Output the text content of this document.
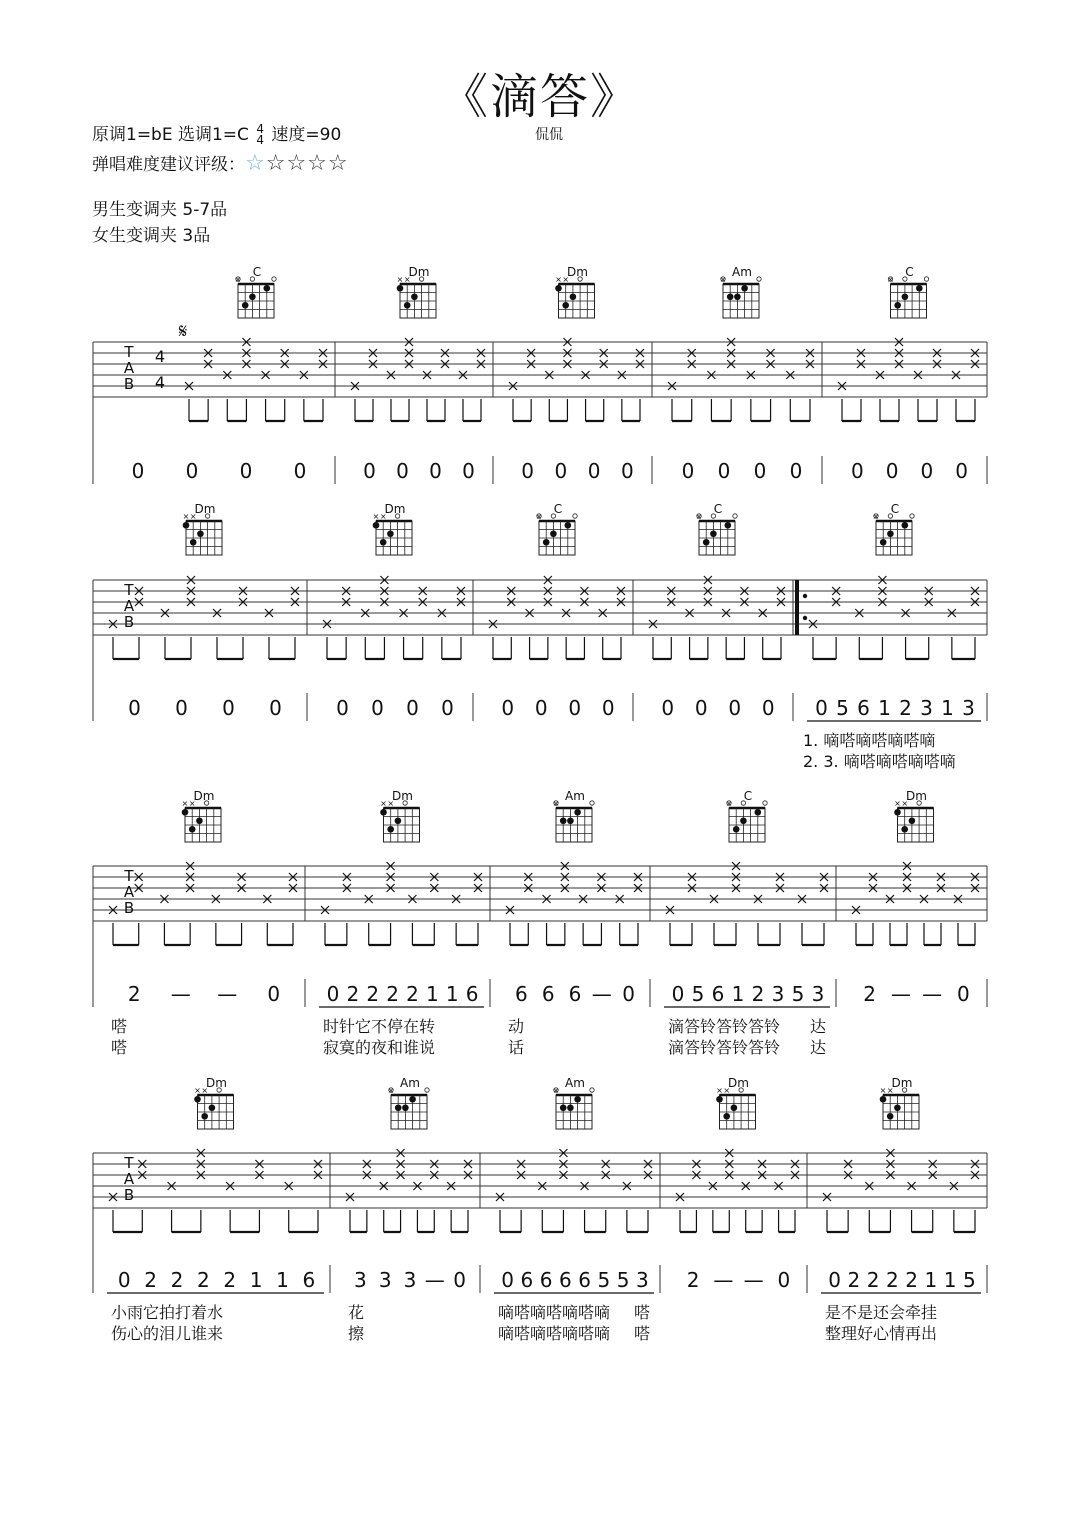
《滴答》
原调1=bE 选调1=C 4
4 速度=90	侃侃
弹唱难度建议评级：☆☆☆☆☆
男生变调夹 5-7品
女生变调夹 3品
T
A
B
4
4
𝄋
C
×
0 0 0 0
Dm
× ×
0 0 0 0
Dm
× ×
0 0 0 0
Am
×
0 0 0 0
C
×
0 0 0 0
T
A
B
Dm
× ×
0 0 0 0
Dm
× ×
0 0 0 0
C
×
0 0 0 0
C
×
0 0 0 0
C
×
0 5 6 1 2 3 1 3
1. 嘀嗒嘀嗒嘀嗒嘀
2. 3. 嘀嗒嘀嗒嘀嗒嘀
T
A
B
Dm
× ×
2 — — 0
Dm
× ×
0 2 2 2 2 1 1 6
Am
×
6 6 6 — 0
C
×
0 5 6 1 2 3 5 3
Dm
× ×
2 — — 0
嗒	时针它不停在转	动	滴答铃答铃答铃 达
嗒	寂寞的夜和谁说	话	滴答铃答铃答铃 达
T
A
B
Dm
× ×
0 2 2 2 2 1 1 6
Am
×
3 3 3 — 0
Am
×
0 6 6 6 6 5 5 3
Dm
× ×
2 — — 0
Dm
× ×
0 2 2 2 2 1 1 5
小雨它拍打着水	花	嘀嗒嘀嗒嘀嗒嘀 嗒	是不是还会牵挂
伤心的泪儿谁来	擦	嘀嗒嘀嗒嘀嗒嘀 嗒	整理好心情再出
